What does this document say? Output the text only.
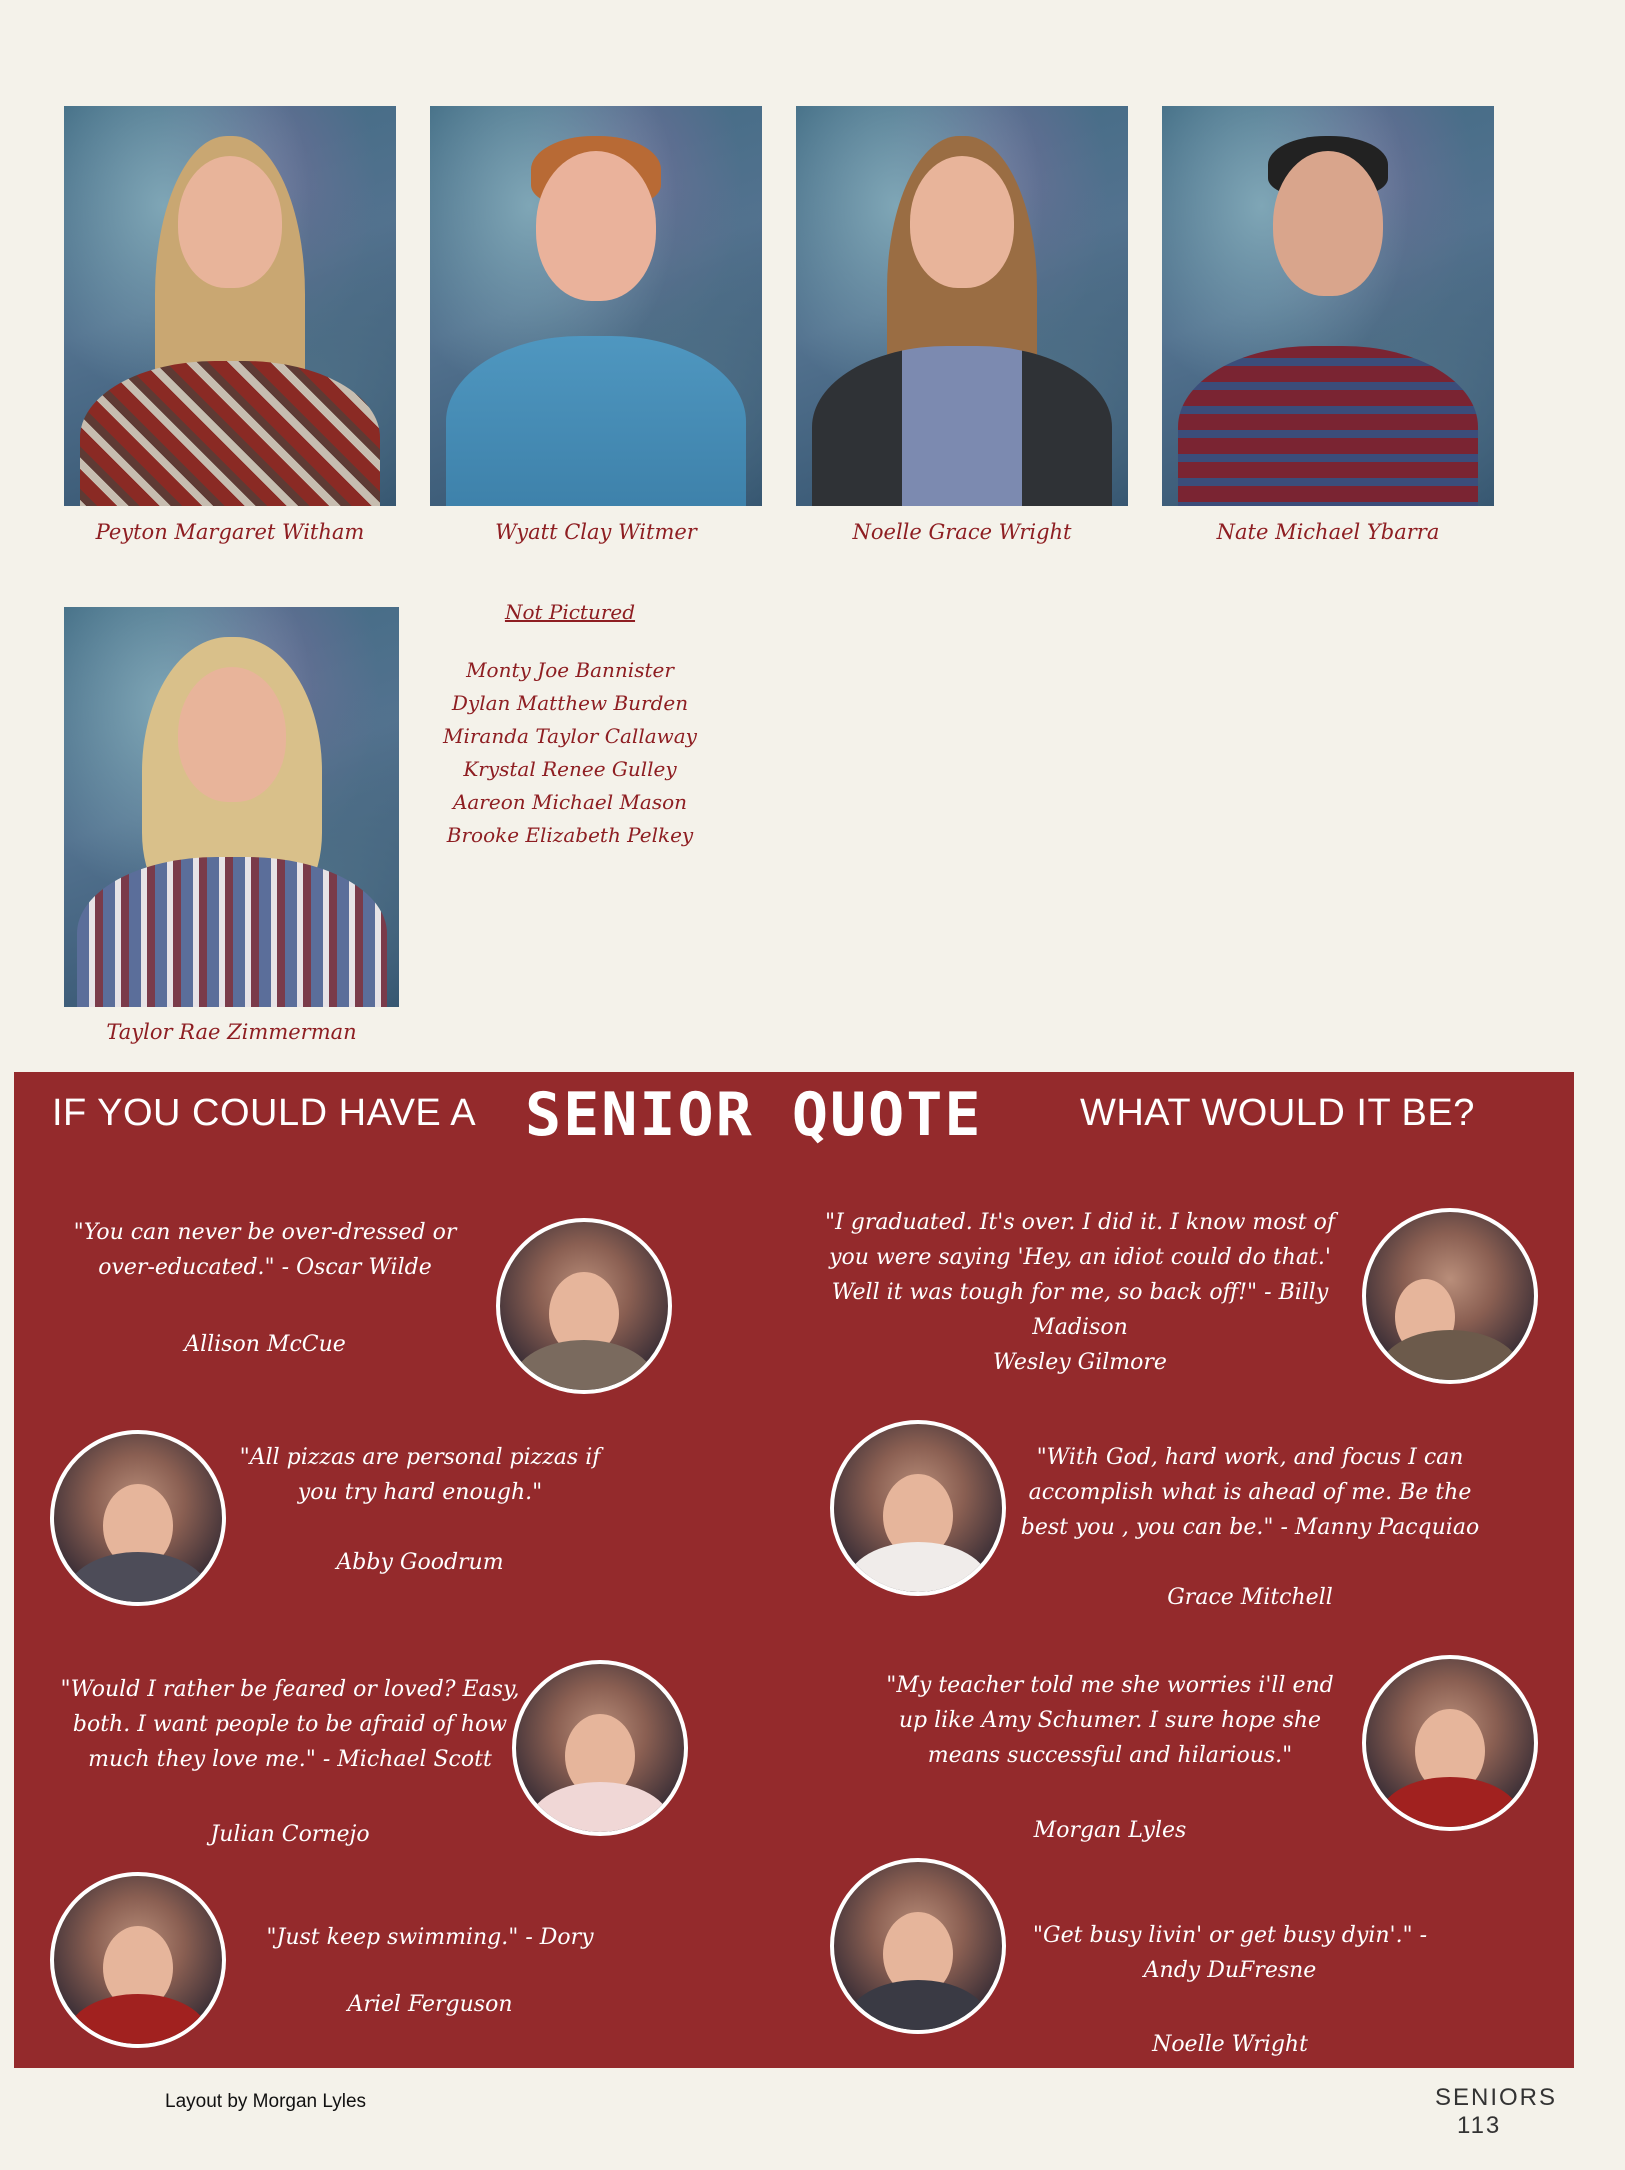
Peyton Margaret Witham	Wyatt Clay Witmer	Noelle Grace Wright	Nate Michael Ybarra
Taylor Rae Zimmerman
Not Pictured
Monty Joe Bannister
Dylan Matthew Burden
Miranda Taylor Callaway
Krystal Renee Gulley
Aareon Michael Mason
Brooke Elizabeth Pelkey
IF YOU COULD HAVE A SENIOR QUOTE	WHAT WOULD IT BE?
"You can never be over-dressed or over-educated." - Oscar Wilde
Allison McCue
"I graduated. It's over. I did it. I know most of you were saying 'Hey, an idiot could do that.' Well it was tough for me, so back off!" - Billy Madison
Wesley Gilmore
"All pizzas are personal pizzas if you try hard enough."
Abby Goodrum
"With God, hard work, and focus I can accomplish what is ahead of me. Be the best you , you can be." - Manny Pacquiao
Grace Mitchell
"Would I rather be feared or loved? Easy, both. I want people to be afraid of how much they love me." - Michael Scott
Julian Cornejo
"My teacher told me she worries i'll end up like Amy Schumer. I sure hope she means successful and hilarious."
Morgan Lyles
"Just keep swimming." - Dory
Ariel Ferguson
"Get busy livin' or get busy dyin'." - Andy DuFresne
Noelle Wright
Layout by Morgan Lyles	SENIORS 113
